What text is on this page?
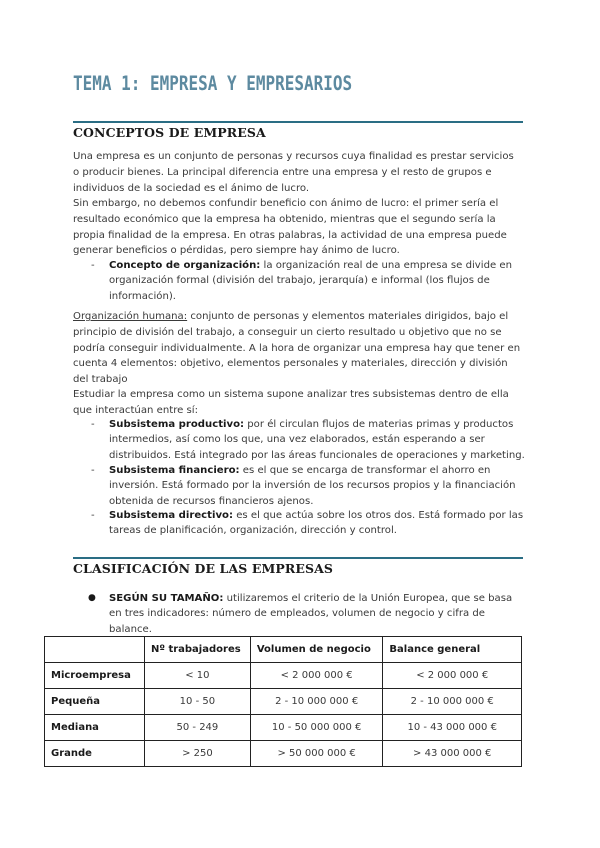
TEMA 1: EMPRESA Y EMPRESARIOS
CONCEPTOS DE EMPRESA

Una empresa es un conjunto de personas y recursos cuya finalidad es prestar servicios o producir bienes. La principal diferencia entre una empresa y el resto de grupos e individuos de la sociedad es el ánimo de lucro.

Sin embargo, no debemos confundir beneficio con ánimo de lucro: el primer sería el resultado económico que la empresa ha obtenido, mientras que el segundo sería la propia finalidad de la empresa. En otras palabras, la actividad de una empresa puede generar beneficios o pérdidas, pero siempre hay ánimo de lucro.

- Concepto de organización: la organización real de una empresa se divide en organización formal (división del trabajo, jerarquía) e informal (los flujos de información).

Organización humana: conjunto de personas y elementos materiales dirigidos, bajo el principio de división del trabajo, a conseguir un cierto resultado u objetivo que no se podría conseguir individualmente. A la hora de organizar una empresa hay que tener en cuenta 4 elementos: objetivo, elementos personales y materiales, dirección y división del trabajo

Estudiar la empresa como un sistema supone analizar tres subsistemas dentro de ella que interactúan entre sí:

- Subsistema productivo: por él circulan flujos de materias primas y productos intermedios, así como los que, una vez elaborados, están esperando a ser distribuidos. Está integrado por las áreas funcionales de operaciones y marketing.
- Subsistema financiero: es el que se encarga de transformar el ahorro en inversión. Está formado por la inversión de los recursos propios y la financiación obtenida de recursos financieros ajenos.
- Subsistema directivo: es el que actúa sobre los otros dos. Está formado por las tareas de planificación, organización, dirección y control.
CLASIFICACIÓN DE LAS EMPRESAS
● SEGÚN SU TAMAÑO: utilizaremos el criterio de la Unión Europea, que se basa en tres indicadores: número de empleados, volumen de negocio y cifra de balance.
	Nº trabajadores	Volumen de negocio	Balance general
Microempresa	< 10	< 2 000 000 €	< 2 000 000 €
Pequeña	10 - 50	2 - 10 000 000 €	2 - 10 000 000 €
Mediana	50 - 249	10 - 50 000 000 €	10 - 43 000 000 €
Grande	> 250	> 50 000 000 €	> 43 000 000 €
